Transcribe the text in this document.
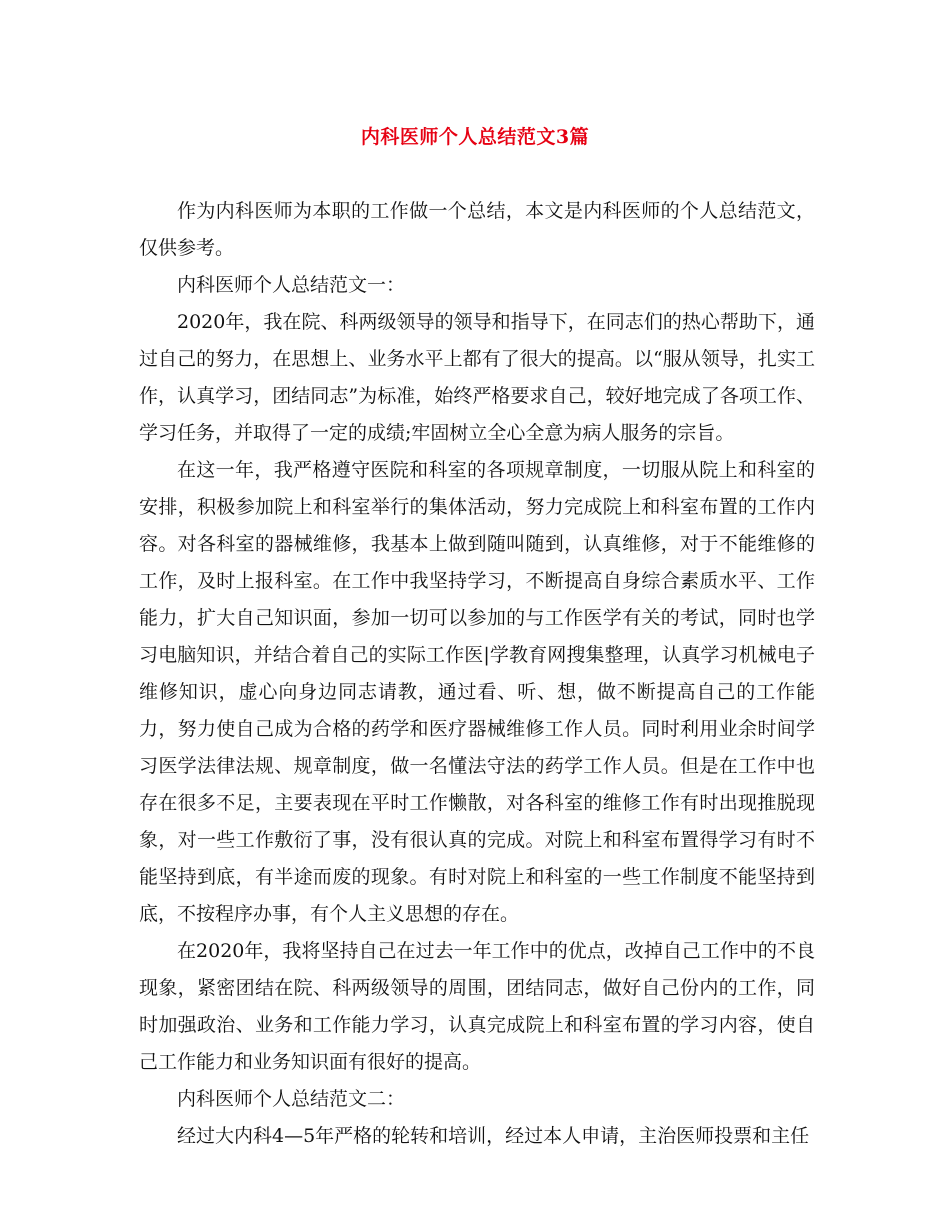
内科医师个人总结范文3篇

作为内科医师为本职的工作做一个总结，本文是内科医师的个人总结范文，仅供参考。

内科医师个人总结范文一：

2020年，我在院、科两级领导的领导和指导下，在同志们的热心帮助下，通过自己的努力，在思想上、业务水平上都有了很大的提高。以“服从领导，扎实工作，认真学习，团结同志”为标准，始终严格要求自己，较好地完成了各项工作、学习任务，并取得了一定的成绩;牢固树立全心全意为病人服务的宗旨。

在这一年，我严格遵守医院和科室的各项规章制度，一切服从院上和科室的安排，积极参加院上和科室举行的集体活动，努力完成院上和科室布置的工作内容。对各科室的器械维修，我基本上做到随叫随到，认真维修，对于不能维修的工作，及时上报科室。在工作中我坚持学习，不断提高自身综合素质水平、工作能力，扩大自己知识面，参加一切可以参加的与工作医学有关的考试，同时也学习电脑知识，并结合着自己的实际工作医|学教育网搜集整理，认真学习机械电子维修知识，虚心向身边同志请教，通过看、听、想，做不断提高自己的工作能力，努力使自己成为合格的药学和医疗器械维修工作人员。同时利用业余时间学习医学法律法规、规章制度，做一名懂法守法的药学工作人员。但是在工作中也存在很多不足，主要表现在平时工作懒散，对各科室的维修工作有时出现推脱现象，对一些工作敷衍了事，没有很认真的完成。对院上和科室布置得学习有时不能坚持到底，有半途而废的现象。有时对院上和科室的一些工作制度不能坚持到底，不按程序办事，有个人主义思想的存在。

在2020年，我将坚持自己在过去一年工作中的优点，改掉自己工作中的不良现象，紧密团结在院、科两级领导的周围，团结同志，做好自己份内的工作，同时加强政治、业务和工作能力学习，认真完成院上和科室布置的学习内容，使自己工作能力和业务知识面有很好的提高。

内科医师个人总结范文二：

经过大内科4—5年严格的轮转和培训，经过本人申请，主治医师投票和主任
